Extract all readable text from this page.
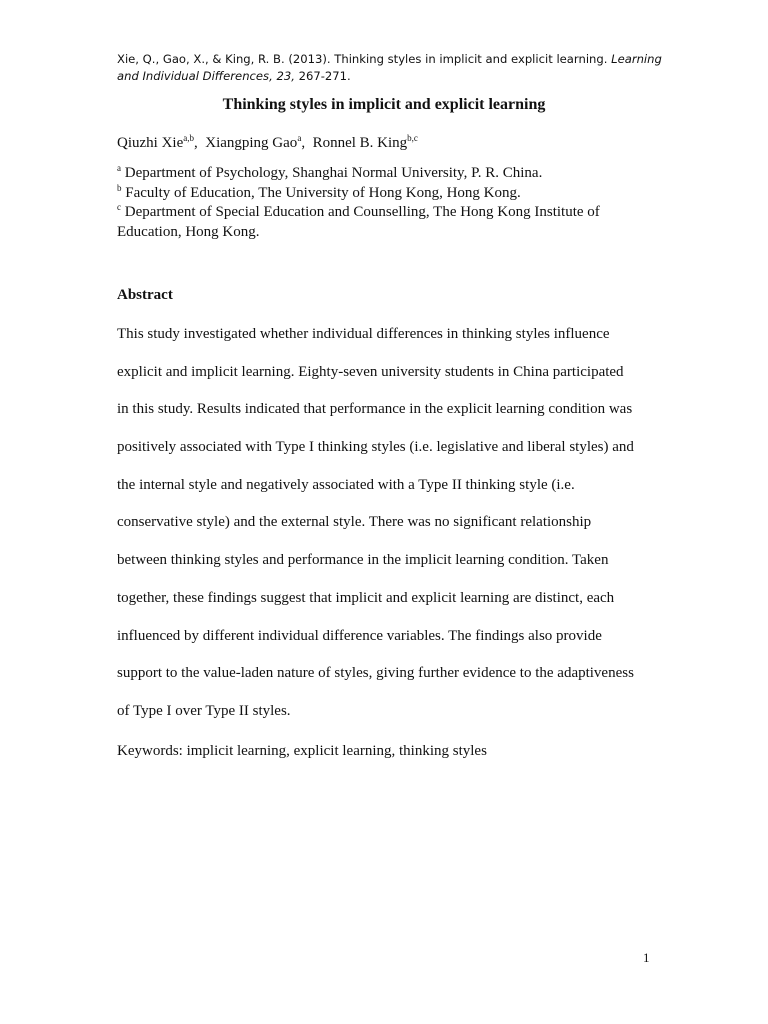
Xie, Q., Gao, X., & King, R. B. (2013). Thinking styles in implicit and explicit learning. Learning and Individual Differences, 23, 267-271.
Thinking styles in implicit and explicit learning
Qiuzhi Xie$^{a,b}$,  Xiangping Gao$^a$,  Ronnel B. King$^{b,c}$
$^a$ Department of Psychology, Shanghai Normal University, P. R. China.
$^b$ Faculty of Education, The University of Hong Kong, Hong Kong.
$^c$ Department of Special Education and Counselling, The Hong Kong Institute of
Education, Hong Kong.
Abstract
This study investigated whether individual differences in thinking styles influence
explicit and implicit learning. Eighty-seven university students in China participated
in this study. Results indicated that performance in the explicit learning condition was
positively associated with Type I thinking styles (i.e. legislative and liberal styles) and
the internal style and negatively associated with a Type II thinking style (i.e.
conservative style) and the external style. There was no significant relationship
between thinking styles and performance in the implicit learning condition. Taken
together, these findings suggest that implicit and explicit learning are distinct, each
influenced by different individual difference variables. The findings also provide
support to the value-laden nature of styles, giving further evidence to the adaptiveness
of Type I over Type II styles.
Keywords: implicit learning, explicit learning, thinking styles
1
